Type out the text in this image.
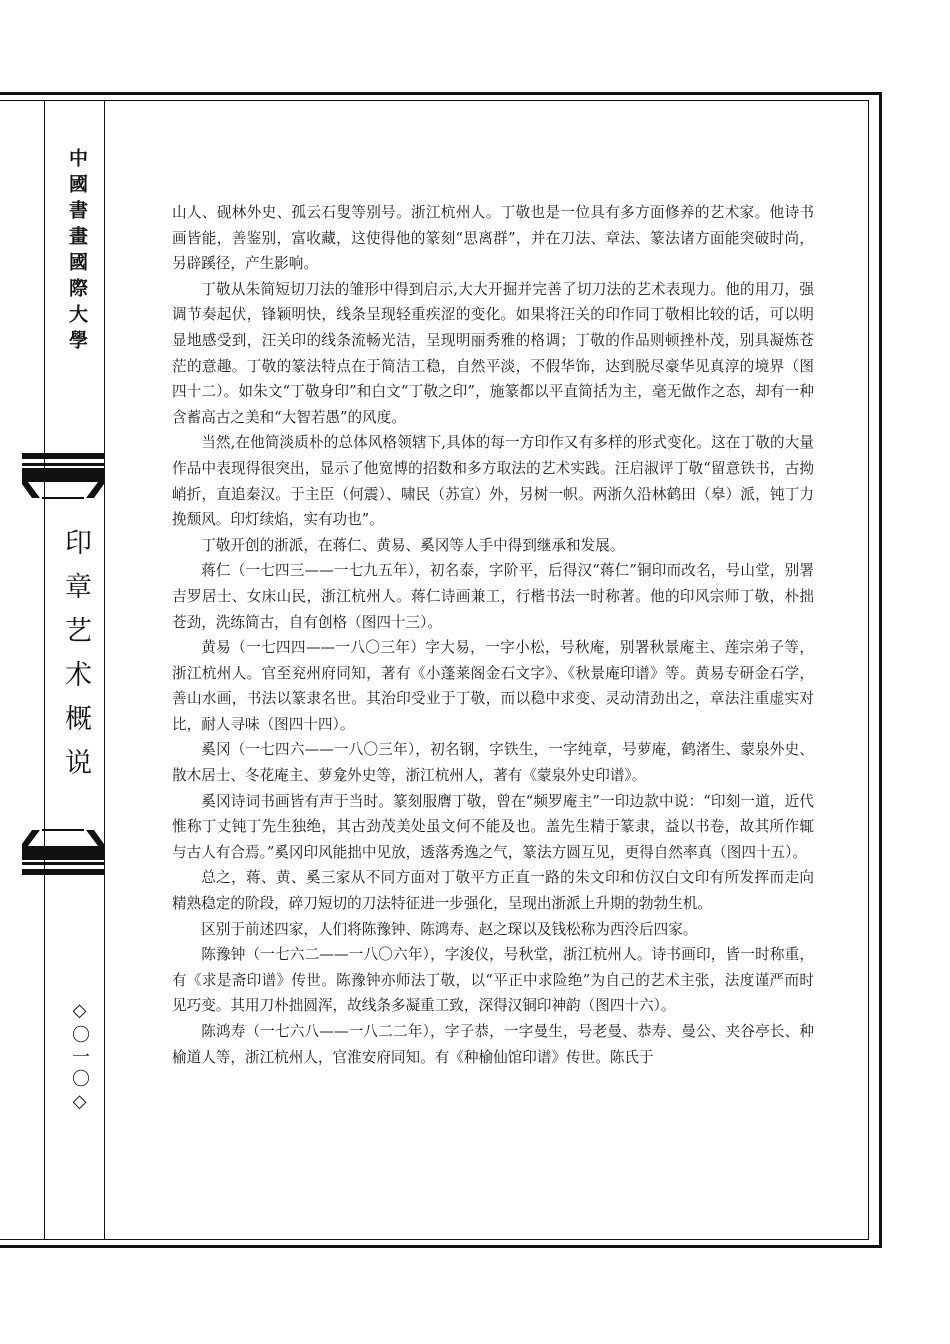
中國書畫國際大學
印章艺术概说
◇〇一〇◇

山人、砚林外史、孤云石叟等别号。浙江杭州人。丁敬也是一位具有多方面修养的艺术家。他诗书画皆能，善鉴别，富收藏，这使得他的篆刻“思离群”，并在刀法、章法、篆法诸方面能突破时尚，另辟蹊径，产生影响。

丁敬从朱简短切刀法的雏形中得到启示,大大开掘并完善了切刀法的艺术表现力。他的用刀，强调节奏起伏，锋颖明快，线条呈现轻重疾涩的变化。如果将汪关的印作同丁敬相比较的话，可以明显地感受到，汪关印的线条流畅光洁，呈现明丽秀雅的格调；丁敬的作品则顿挫朴茂，别具凝炼苍茫的意趣。丁敬的篆法特点在于简洁工稳，自然平淡，不假华饰，达到脱尽豪华见真淳的境界（图四十二）。如朱文“丁敬身印”和白文“丁敬之印”，施篆都以平直简括为主，毫无做作之态，却有一种含蓄高古之美和“大智若愚”的风度。

当然,在他简淡质朴的总体风格领辖下,具体的每一方印作又有多样的形式变化。这在丁敬的大量作品中表现得很突出，显示了他宽博的招数和多方取法的艺术实践。汪启淑评丁敬“留意铁书，古拗峭折，直追秦汉。于主臣（何震）、啸民（苏宣）外，另树一帜。两浙久沿林鹤田（皋）派，钝丁力挽颓风。印灯续焰，实有功也”。

丁敬开创的浙派，在蒋仁、黄易、奚冈等人手中得到继承和发展。

蒋仁（一七四三——一七九五年），初名泰，字阶平，后得汉“蒋仁”铜印而改名，号山堂，别署吉罗居士、女床山民，浙江杭州人。蒋仁诗画兼工，行楷书法一时称著。他的印风宗师丁敬，朴拙苍劲，洗练简古，自有创格（图四十三）。

黄易（一七四四——一八〇三年）字大易，一字小松，号秋庵，别署秋景庵主、莲宗弟子等，浙江杭州人。官至兖州府同知，著有《小蓬莱阁金石文字》、《秋景庵印谱》等。黄易专研金石学，善山水画，书法以篆隶名世。其治印受业于丁敬，而以稳中求变、灵动清劲出之，章法注重虚实对比，耐人寻味（图四十四）。

奚冈（一七四六——一八〇三年），初名钢，字铁生，一字纯章，号萝庵，鹤渚生、蒙泉外史、散木居士、冬花庵主、萝龛外史等，浙江杭州人，著有《蒙泉外史印谱》。

奚冈诗词书画皆有声于当时。篆刻服膺丁敬，曾在“频罗庵主”一印边款中说：“印刻一道，近代惟称丁丈钝丁先生独绝，其古劲茂美处虽文何不能及也。盖先生精于篆隶，益以书卷，故其所作辄与古人有合焉。”奚冈印风能拙中见放，透落秀逸之气，篆法方圆互见，更得自然率真（图四十五）。

总之，蒋、黄、奚三家从不同方面对丁敬平方正直一路的朱文印和仿汉白文印有所发挥而走向精熟稳定的阶段，碎刀短切的刀法特征进一步强化，呈现出浙派上升期的勃勃生机。

区别于前述四家，人们将陈豫钟、陈鸿寿、赵之琛以及钱松称为西泠后四家。

陈豫钟（一七六二——一八〇六年），字浚仪，号秋堂，浙江杭州人。诗书画印，皆一时称重，有《求是斋印谱》传世。陈豫钟亦师法丁敬，以“平正中求险绝”为自己的艺术主张，法度谨严而时见巧变。其用刀朴拙圆浑，故线条多凝重工致，深得汉铜印神韵（图四十六）。

陈鸿寿（一七六八——一八二二年），字子恭，一字曼生，号老曼、恭寿、曼公、夹谷亭长、种榆道人等，浙江杭州人，官淮安府同知。有《种榆仙馆印谱》传世。陈氏于
